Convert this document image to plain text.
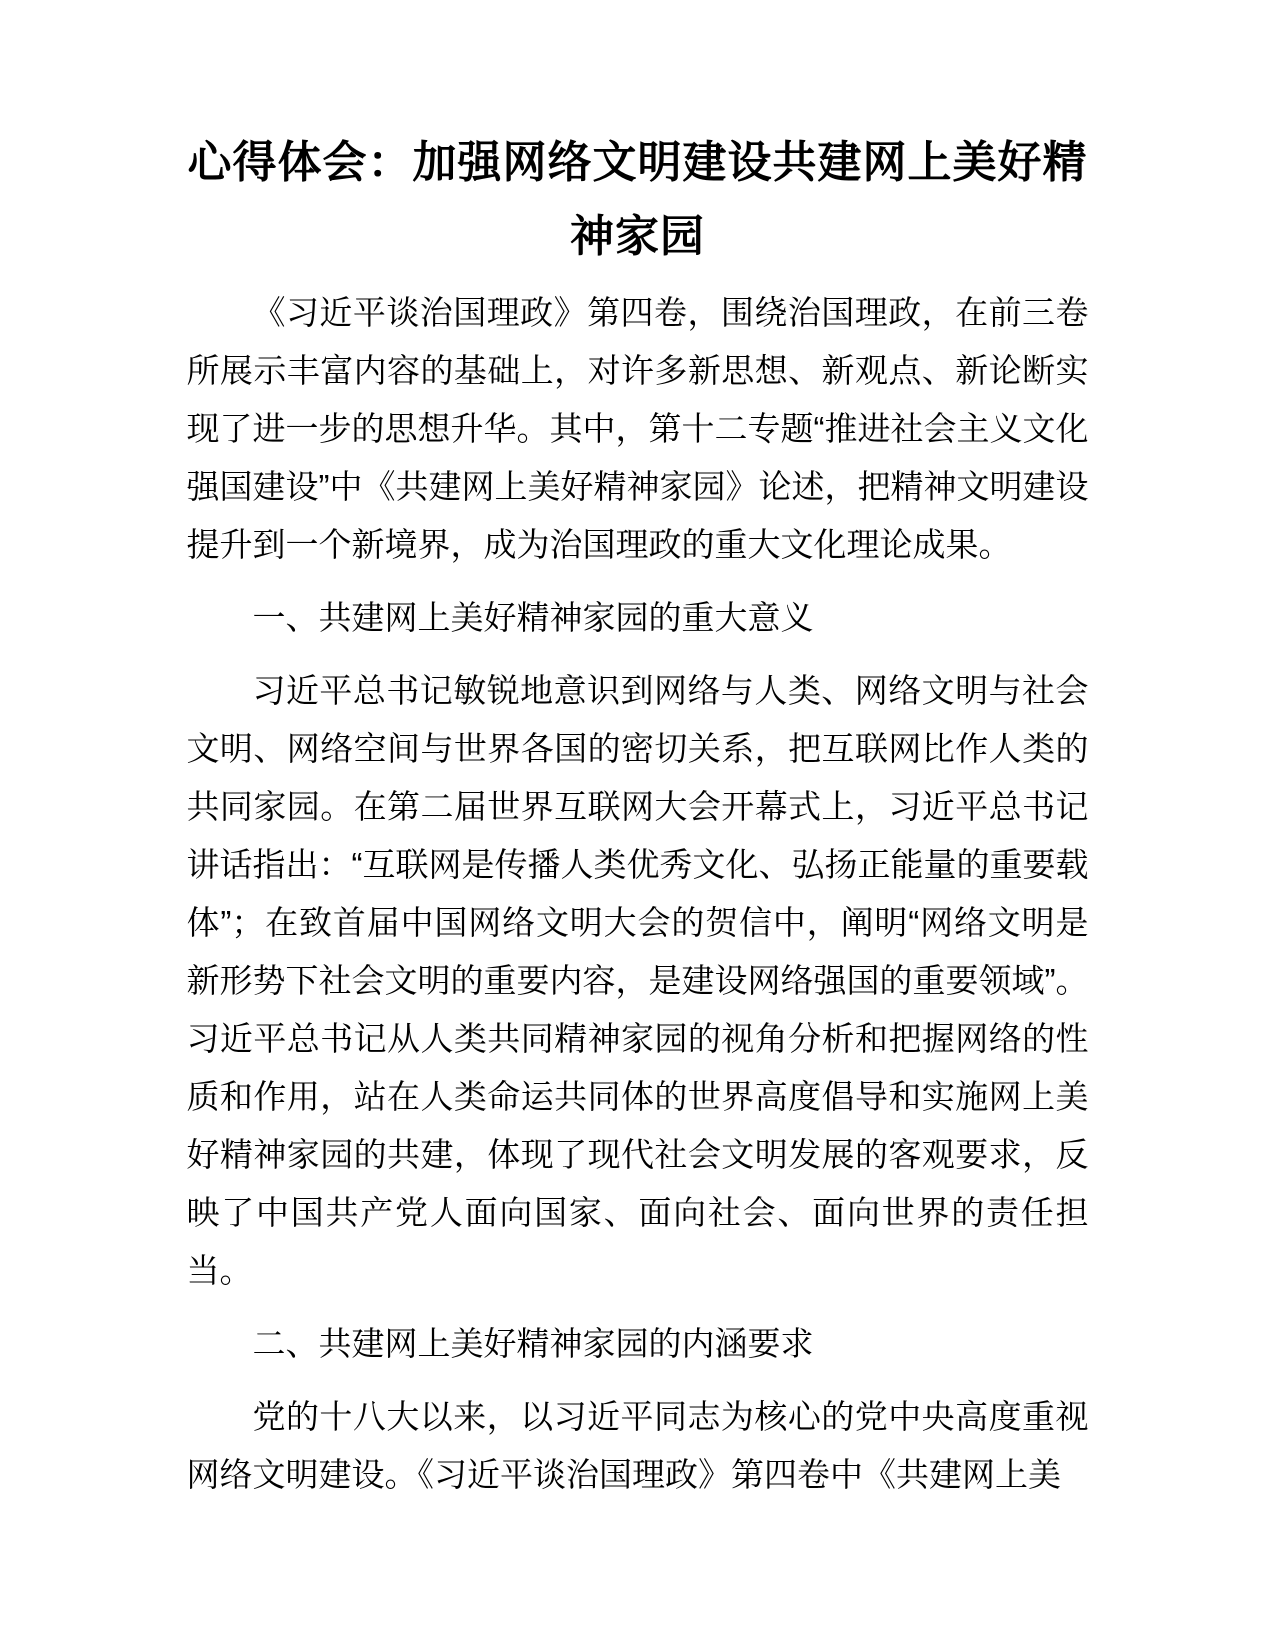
心得体会：加强网络文明建设共建网上美好精神家园

《习近平谈治国理政》第四卷，围绕治国理政，在前三卷所展示丰富内容的基础上，对许多新思想、新观点、新论断实现了进一步的思想升华。其中，第十二专题“推进社会主义文化强国建设”中《共建网上美好精神家园》论述，把精神文明建设提升到一个新境界，成为治国理政的重大文化理论成果。

一、共建网上美好精神家园的重大意义

习近平总书记敏锐地意识到网络与人类、网络文明与社会文明、网络空间与世界各国的密切关系，把互联网比作人类的共同家园。在第二届世界互联网大会开幕式上，习近平总书记讲话指出：“互联网是传播人类优秀文化、弘扬正能量的重要载体”；在致首届中国网络文明大会的贺信中，阐明“网络文明是新形势下社会文明的重要内容，是建设网络强国的重要领域”。习近平总书记从人类共同精神家园的视角分析和把握网络的性质和作用，站在人类命运共同体的世界高度倡导和实施网上美好精神家园的共建，体现了现代社会文明发展的客观要求，反映了中国共产党人面向国家、面向社会、面向世界的责任担当。

二、共建网上美好精神家园的内涵要求

党的十八大以来，以习近平同志为核心的党中央高度重视网络文明建设。《习近平谈治国理政》第四卷中《共建网上美
